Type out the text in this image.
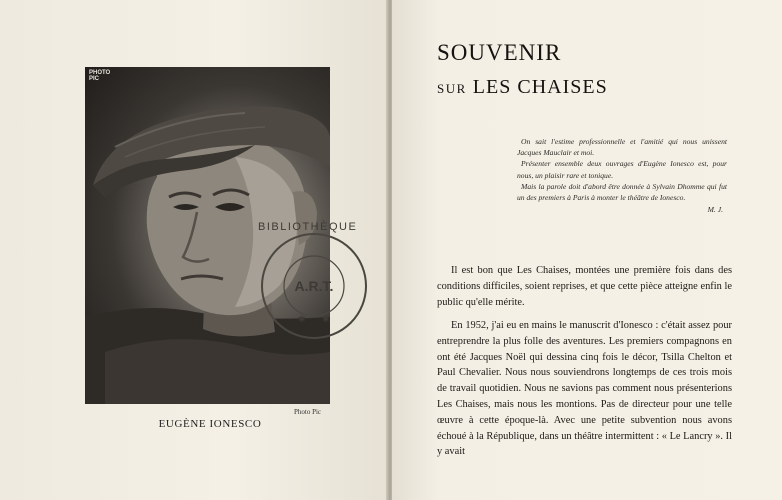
PHOTO
PIC
Photo Pic
EUGÈNE IONESCO
BIBLIOTHÈQUE
A.R.T.
✱ ✱
SOUVENIR
SUR LES CHAISES

On sait l'estime professionnelle et l'amitié qui nous unissent Jacques Mauclair et moi.

Présenter ensemble deux ouvrages d'Eugène Ionesco est, pour nous, un plaisir rare et tonique.

Mais la parole doit d'abord être donnée à Sylvain Dhomme qui fut un des premiers à Paris à monter le théâtre de Ionesco.

M. J.

Il est bon que Les Chaises, montées une première fois dans des conditions difficiles, soient reprises, et que cette pièce atteigne enfin le public qu'elle mérite.

En 1952, j'ai eu en mains le manuscrit d'Ionesco : c'était assez pour entreprendre la plus folle des aventures. Les premiers compagnons en ont été Jacques Noël qui dessina cinq fois le décor, Tsilla Chelton et Paul Chevalier. Nous nous souviendrons longtemps de ces trois mois de travail quotidien. Nous ne savions pas comment nous présenterions Les Chaises, mais nous les montions. Pas de directeur pour une telle œuvre à cette époque-là. Avec une petite subvention nous avons échoué à la République, dans un théâtre intermittent : « Le Lancry ». Il y avait
